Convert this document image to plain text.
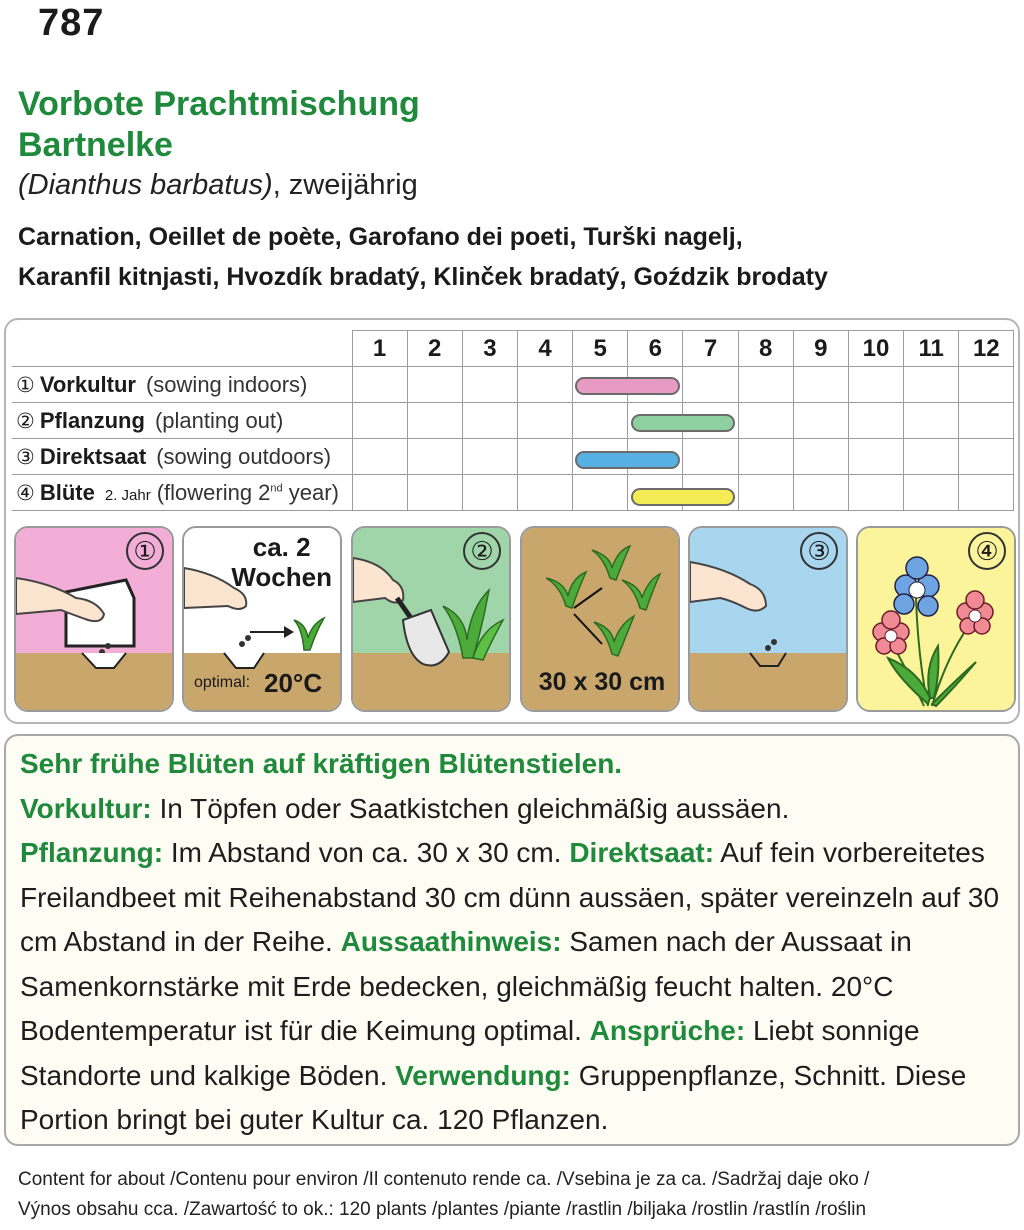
787
Vorbote Prachtmischung
Bartnelke
(Dianthus barbatus), zweijährig
Carnation, Oeillet de poète, Garofano dei poeti, Turški nagelj,
Karanfil kitnjasti, Hvozdík bradatý, Klinček bradatý, Goździk brodaty
	1	2	3	4	5	6	7	8	9	10	11	12
① Vorkultur (sowing indoors)												
② Pflanzung (planting out)												
③ Direktsaat (sowing outdoors)												
④ Blüte 2. Jahr (flowering 2nd year)												
①	ca. 2
Wochen
optimal: 20°C
②
30 x 30 cm
③	④
Sehr frühe Blüten auf kräftigen Blütenstielen.
Vorkultur: In Töpfen oder Saatkistchen gleichmäßig aussäen.
Pflanzung: Im Abstand von ca. 30 x 30 cm. Direktsaat: Auf fein vorbereitetes Freilandbeet mit Reihenabstand 30 cm dünn aussäen, später vereinzeln auf 30 cm Abstand in der Reihe. Aussaathinweis: Samen nach der Aussaat in Samenkornstärke mit Erde bedecken, gleichmäßig feucht halten. 20°C Bodentemperatur ist für die Keimung optimal. Ansprüche: Liebt sonnige Standorte und kalkige Böden. Verwendung: Gruppenpflanze, Schnitt. Diese Portion bringt bei guter Kultur ca. 120 Pflanzen.
Content for about /Contenu pour environ /Il contenuto rende ca. /Vsebina je za ca. /Sadržaj daje oko /
Výnos obsahu cca. /Zawartość to ok.: 120 plants /plantes /piante /rastlin /biljaka /rostlin /rastlín /roślin
